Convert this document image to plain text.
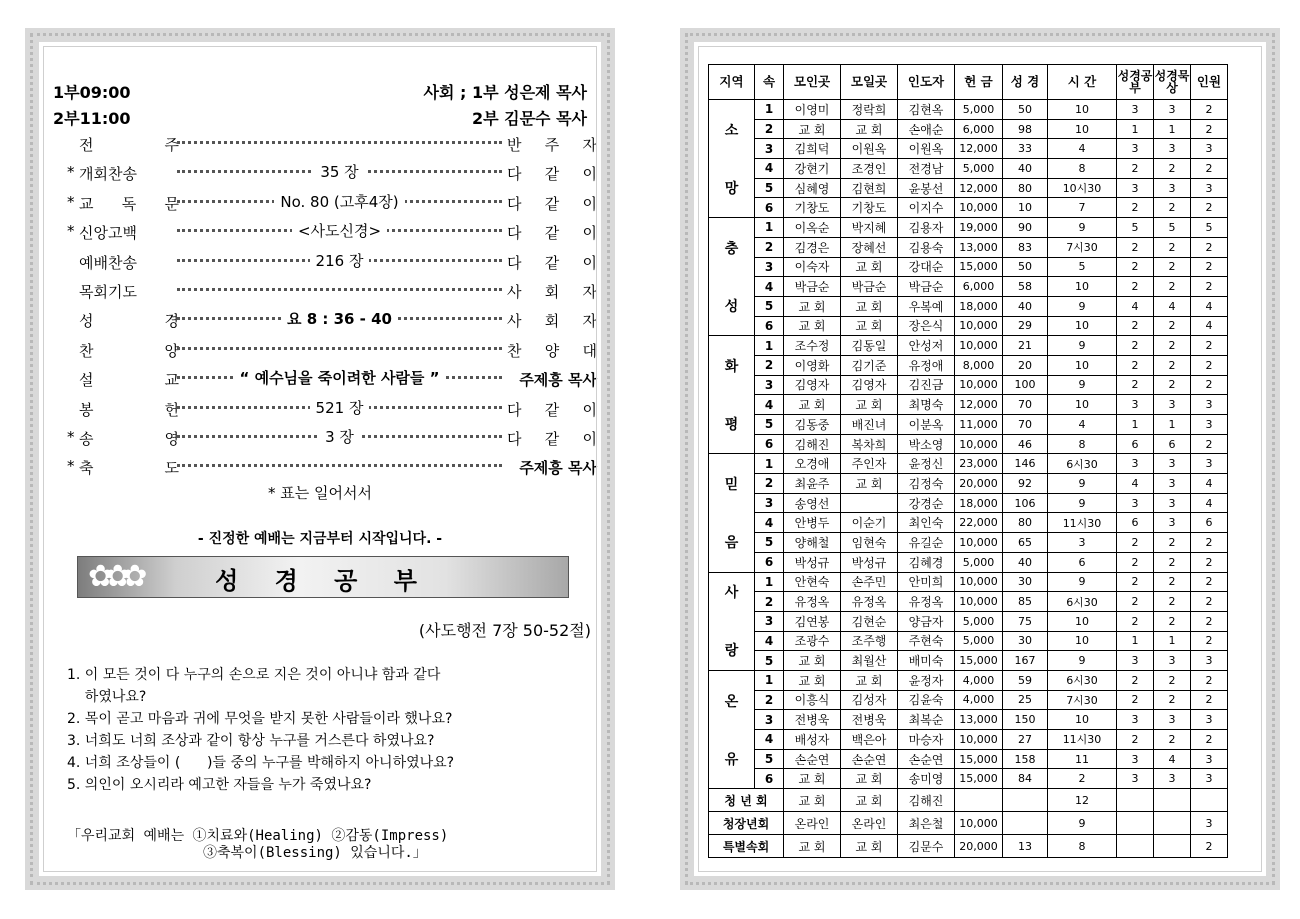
1부09:00
2부11:00
사회 ; 1부 성은제 목사
2부 김문수 목사
전	주	반 주 자
* 개회찬송	35 장	다 같 이
* 교 독 문	No. 80 (고후4장)	다 같 이
* 신앙고백	<사도신경>	다 같 이
예배찬송	216 장	다 같 이
목회기도	사 회 자
성	경	요 8 : 36 - 40	사 회 자
찬	양	찬 양 대
설	교	“ 예수님을 죽이려한 사람들 ”	주제흥 목사
봉	헌	521 장	다 같 이
* 송	영	3 장	다 같 이
* 축	도	주제흥 목사
* 표는 일어서서
- 진정한 예배는 지금부터 시작입니다. -
✿✿✿	성 경 공 부
(사도행전 7장 50-52절)
1. 이 모든 것이 다 누구의 손으로 지은 것이 아니냐 함과 같다
하였나요?
2. 목이 곧고 마음과 귀에 무엇을 받지 못한 사람들이라 했나요?
3. 너희도 너희 조상과 같이 항상 누구를 거스른다 하였나요?
4. 너희 조상들이 (      )들 중의 누구를 박해하지 아니하였나요?
5. 의인이 오시리라 예고한 자들을 누가 죽였나요?
「우리교회 예배는 ①치료와(Healing) ②감동(Impress)
③축복이(Blessing) 있습니다.」
지역	속	모인곳	모일곳	인도자	헌 금	성 경	시 간	성경공부	성경묵상	인원

소
망	1	이영미	정락희	김현옥	5,000	50	10	3	3	2
	2	교 회	교 회	손애순	6,000	98	10	1	1	2
	3	김희덕	이원옥	이원옥	12,000	33	4	3	3	3
	4	강현기	조경인	전경남	5,000	40	8	2	2	2
	5	심혜영	김현희	윤봉선	12,000	80	10시30	3	3	3
	6	기창도	기창도	이지수	10,000	10	7	2	2	2

충
성	1	이옥순	박지혜	김용자	19,000	90	9	5	5	5
	2	김경은	장혜선	김용숙	13,000	83	7시30	2	2	2
	3	이숙자	교 회	강대순	15,000	50	5	2	2	2
	4	박금순	박금순	박금순	6,000	58	10	2	2	2
	5	교 회	교 회	우복예	18,000	40	9	4	4	4
	6	교 회	교 회	장은식	10,000	29	10	2	2	4

화
평	1	조수정	김동일	안성저	10,000	21	9	2	2	2
	2	이영화	김기준	유정애	8,000	20	10	2	2	2
	3	김영자	김영자	김진금	10,000	100	9	2	2	2
	4	교 회	교 회	최명숙	12,000	70	10	3	3	3
	5	김동중	배진녀	이분옥	11,000	70	4	1	1	3
	6	김해진	복차희	박소영	10,000	46	8	6	6	2

믿
음	1	오경애	주인자	윤정신	23,000	146	6시30	3	3	3
	2	최윤주	교 회	김정숙	20,000	92	9	4	3	4
	3	송영선		강경순	18,000	106	9	3	3	4
	4	안병두	이순기	최인숙	22,000	80	11시30	6	3	6
	5	양해철	임현숙	유길순	10,000	65	3	2	2	2
	6	박성규	박성규	김혜경	5,000	40	6	2	2	2

사
랑	1	안현숙	손주민	안미희	10,000	30	9	2	2	2
	2	유정옥	유정옥	유정옥	10,000	85	6시30	2	2	2
	3	김연봉	김현순	양금자	5,000	75	10	2	2	2
	4	조광수	조주행	주현숙	5,000	30	10	1	1	2
	5	교 회	최월산	배미숙	15,000	167	9	3	3	3

온
유	1	교 회	교 회	윤정자	4,000	59	6시30	2	2	2
	2	이흥식	김성자	김윤숙	4,000	25	7시30	2	2	2
	3	전병욱	전병욱	최복순	13,000	150	10	3	3	3
	4	배성자	백은아	마승자	10,000	27	11시30	2	2	2
	5	손순연	손순연	손순연	15,000	158	11	3	4	3
	6	교 회	교 회	송미영	15,000	84	2	3	3	3
청 년 회		교 회	교 회	김해진			12			
청장년회		온라인	온라인	최은철	10,000		9			3
특별속회		교 회	교 회	김문수	20,000	13	8			2
